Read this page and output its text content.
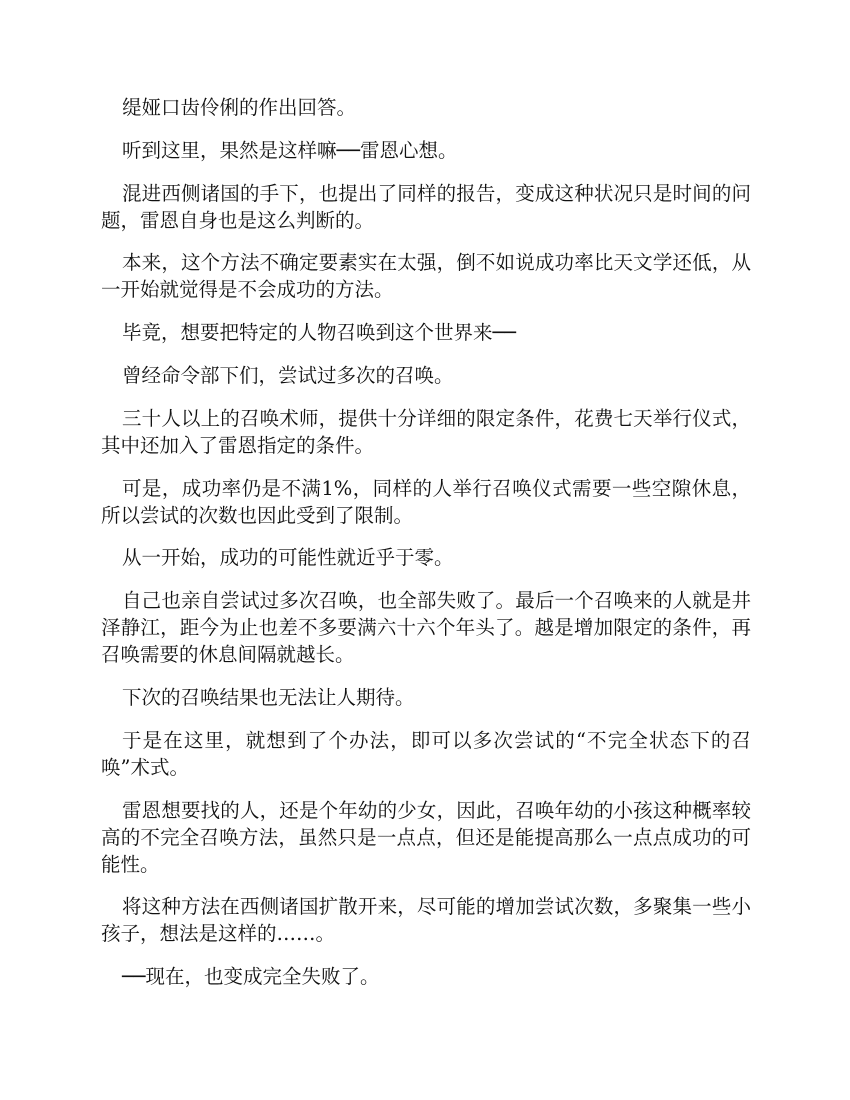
缇娅口齿伶俐的作出回答。

听到这里，果然是这样嘛──雷恩心想。

混进西侧诸国的手下，也提出了同样的报告，变成这种状况只是时间的问题，雷恩自身也是这么判断的。

本来，这个方法不确定要素实在太强，倒不如说成功率比天文学还低，从一开始就觉得是不会成功的方法。

毕竟，想要把特定的人物召唤到这个世界来──

曾经命令部下们，尝试过多次的召唤。

三十人以上的召唤术师，提供十分详细的限定条件，花费七天举行仪式，其中还加入了雷恩指定的条件。

可是，成功率仍是不满1%，同样的人举行召唤仪式需要一些空隙休息，所以尝试的次数也因此受到了限制。

从一开始，成功的可能性就近乎于零。

自己也亲自尝试过多次召唤，也全部失败了。最后一个召唤来的人就是井泽静江，距今为止也差不多要满六十六个年头了。越是增加限定的条件，再召唤需要的休息间隔就越长。

下次的召唤结果也无法让人期待。

于是在这里，就想到了个办法，即可以多次尝试的“不完全状态下的召唤”术式。

雷恩想要找的人，还是个年幼的少女，因此，召唤年幼的小孩这种概率较高的不完全召唤方法，虽然只是一点点，但还是能提高那么一点点成功的可能性。

将这种方法在西侧诸国扩散开来，尽可能的增加尝试次数，多聚集一些小孩子，想法是这样的……。

──现在，也变成完全失败了。
